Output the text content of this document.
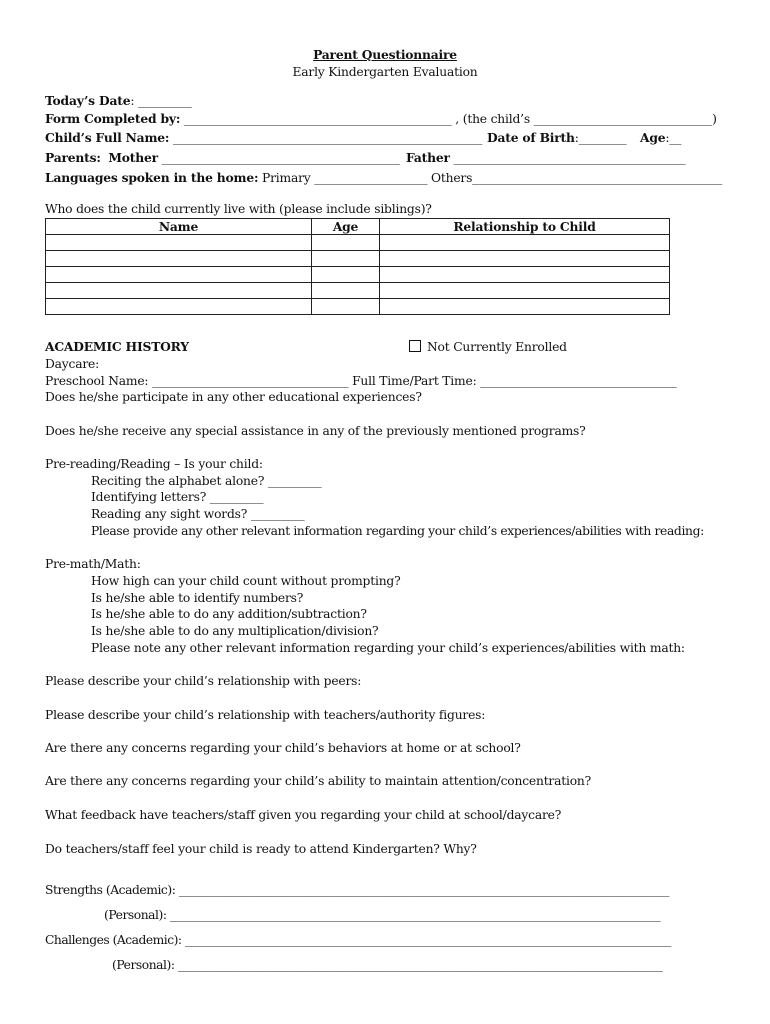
Parent Questionnaire
Early Kindergarten Evaluation
Today’s Date: _________
Form Completed by: _____________________________________________ , (the child’s ______________________________)
Child’s Full Name: ____________________________________________________ Date of Birth:________ Age:__
Parents: Mother ________________________________________ Father _______________________________________
Languages spoken in the home: Primary ___________________ Others__________________________________________
Who does the child currently live with (please include siblings)?
Name	Age	Relationship to Child

ACADEMIC HISTORY	Not Currently Enrolled
Daycare:
Preschool Name: _________________________________ Full Time/Part Time: _________________________________
Does he/she participate in any other educational experiences?
Does he/she receive any special assistance in any of the previously mentioned programs?
Pre-reading/Reading – Is your child:
Reciting the alphabet alone? _________
Identifying letters? _________
Reading any sight words? _________
Please provide any other relevant information regarding your child’s experiences/abilities with reading:
Pre-math/Math:
How high can your child count without prompting?
Is he/she able to identify numbers?
Is he/she able to do any addition/subtraction?
Is he/she able to do any multiplication/division?
Please note any other relevant information regarding your child’s experiences/abilities with math:
Please describe your child’s relationship with peers:
Please describe your child’s relationship with teachers/authority figures:
Are there any concerns regarding your child’s behaviors at home or at school?
Are there any concerns regarding your child’s ability to maintain attention/concentration?
What feedback have teachers/staff given you regarding your child at school/daycare?
Do teachers/staff feel your child is ready to attend Kindergarten? Why?
Strengths (Academic): ______________________________________________________________________________________
(Personal): ______________________________________________________________________________________
Challenges (Academic): ______________________________________________________________________________________
(Personal): _____________________________________________________________________________________
